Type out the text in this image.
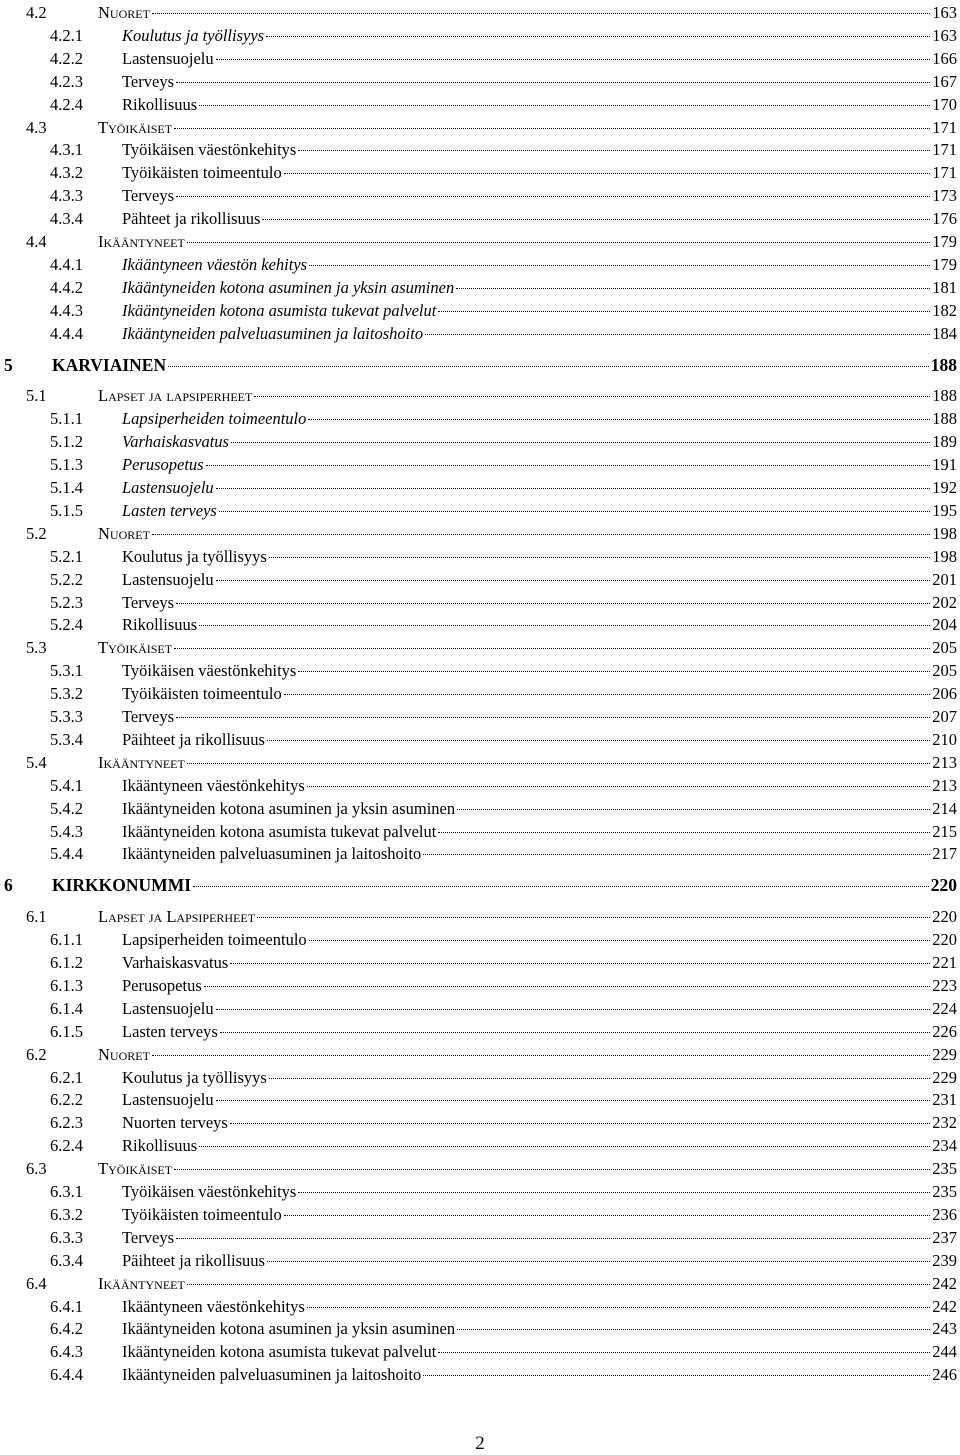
4.2	Nuoret	163
4.2.1	Koulutus ja työllisyys	163
4.2.2	Lastensuojelu	166
4.2.3	Terveys	167
4.2.4	Rikollisuus	170
4.3	Työikäiset	171
4.3.1	Työikäisen väestönkehitys	171
4.3.2	Työikäisten toimeentulo	171
4.3.3	Terveys	173
4.3.4	Pähteet ja rikollisuus	176
4.4	Ikääntyneet	179
4.4.1	Ikääntyneen väestön kehitys	179
4.4.2	Ikääntyneiden kotona asuminen ja yksin asuminen	181
4.4.3	Ikääntyneiden kotona asumista tukevat palvelut	182
4.4.4	Ikääntyneiden palveluasuminen ja laitoshoito	184
5	KARVIAINEN	188
5.1	Lapset ja lapsiperheet	188
5.1.1	Lapsiperheiden toimeentulo	188
5.1.2	Varhaiskasvatus	189
5.1.3	Perusopetus	191
5.1.4	Lastensuojelu	192
5.1.5	Lasten terveys	195
5.2	Nuoret	198
5.2.1	Koulutus ja työllisyys	198
5.2.2	Lastensuojelu	201
5.2.3	Terveys	202
5.2.4	Rikollisuus	204
5.3	Työikäiset	205
5.3.1	Työikäisen väestönkehitys	205
5.3.2	Työikäisten toimeentulo	206
5.3.3	Terveys	207
5.3.4	Päihteet ja rikollisuus	210
5.4	Ikääntyneet	213
5.4.1	Ikääntyneen väestönkehitys	213
5.4.2	Ikääntyneiden kotona asuminen ja yksin asuminen	214
5.4.3	Ikääntyneiden kotona asumista tukevat palvelut	215
5.4.4	Ikääntyneiden palveluasuminen ja laitoshoito	217
6	KIRKKONUMMI	220
6.1	Lapset ja Lapsiperheet	220
6.1.1	Lapsiperheiden toimeentulo	220
6.1.2	Varhaiskasvatus	221
6.1.3	Perusopetus	223
6.1.4	Lastensuojelu	224
6.1.5	Lasten terveys	226
6.2	Nuoret	229
6.2.1	Koulutus ja työllisyys	229
6.2.2	Lastensuojelu	231
6.2.3	Nuorten terveys	232
6.2.4	Rikollisuus	234
6.3	Työikäiset	235
6.3.1	Työikäisen väestönkehitys	235
6.3.2	Työikäisten toimeentulo	236
6.3.3	Terveys	237
6.3.4	Päihteet ja rikollisuus	239
6.4	Ikääntyneet	242
6.4.1	Ikääntyneen väestönkehitys	242
6.4.2	Ikääntyneiden kotona asuminen ja yksin asuminen	243
6.4.3	Ikääntyneiden kotona asumista tukevat palvelut	244
6.4.4	Ikääntyneiden palveluasuminen ja laitoshoito	246
2
